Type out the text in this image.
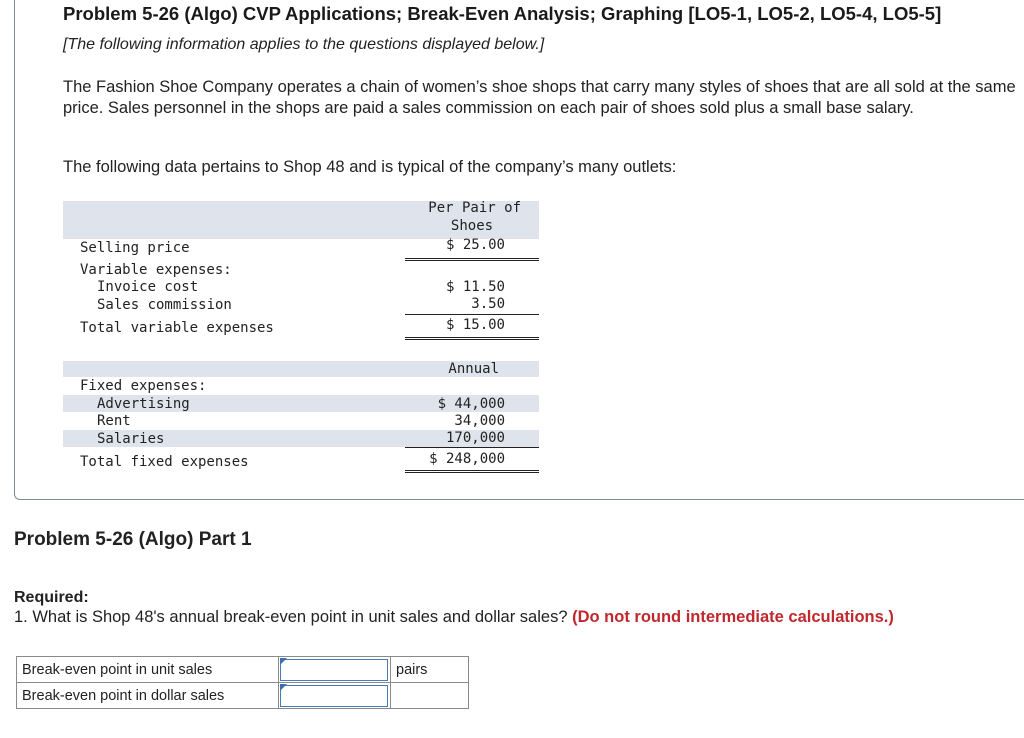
Problem 5-26 (Algo) CVP Applications; Break-Even Analysis; Graphing [LO5-1, LO5-2, LO5-4, LO5-5]
[The following information applies to the questions displayed below.]
The Fashion Shoe Company operates a chain of women’s shoe shops that carry many styles of shoes that are all sold at the same price. Sales personnel in the shops are paid a sales commission on each pair of shoes sold plus a small base salary.
The following data pertains to Shop 48 and is typical of the company’s many outlets:
Per Pair of
Shoes
Selling price	$ 25.00
Variable expenses:
Invoice cost	$ 11.50
Sales commission	3.50
Total variable expenses	$ 15.00
Annual
Fixed expenses:
Advertising	$ 44,000
Rent	34,000
Salaries	170,000
Total fixed expenses	$ 248,000
Problem 5-26 (Algo) Part 1
Required:
1. What is Shop 48's annual break-even point in unit sales and dollar sales? (Do not round intermediate calculations.)
Break-even point in unit sales		pairs
Break-even point in dollar sales	
